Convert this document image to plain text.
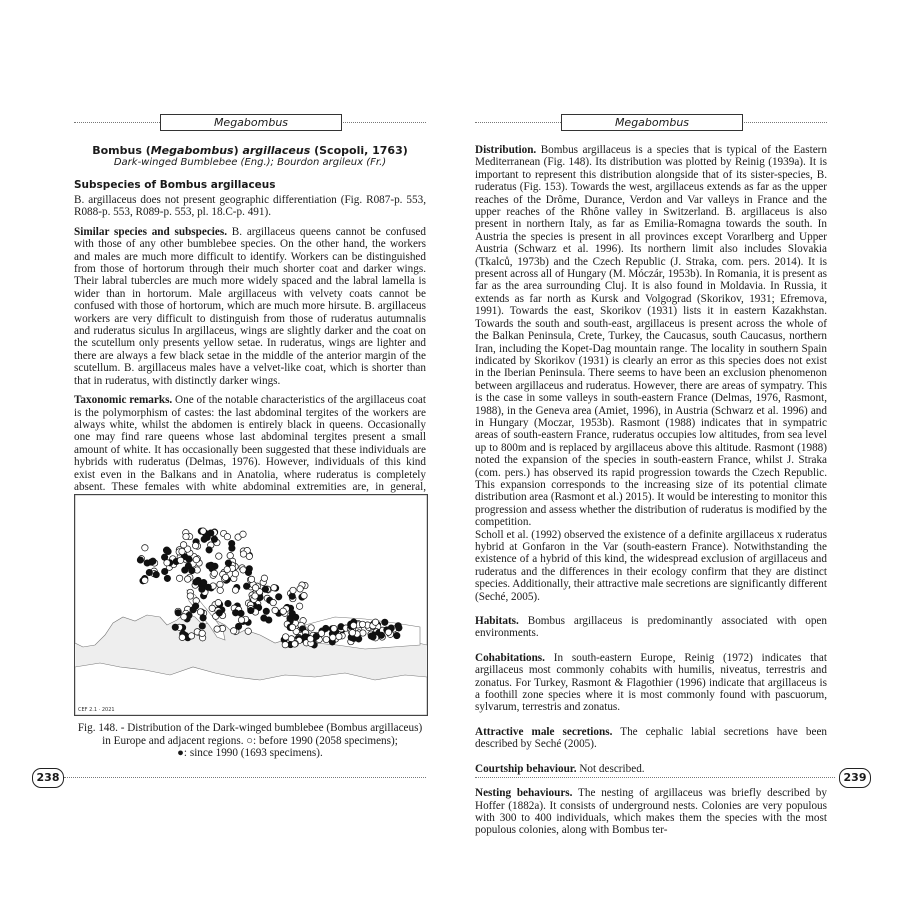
Megabombus

Bombus (Megabombus) argillaceus (Scopoli, 1763)

Dark-winged Bumblebee (Eng.); Bourdon argileux (Fr.)

Subspecies of Bombus argillaceus

B. argillaceus does not present geographic differentiation (Fig. R087-p. 553, R088-p. 553, R089-p. 553, pl. 18.C-p. 491).

Similar species and subspecies. B. argillaceus queens cannot be confused with those of any other bumblebee species. On the other hand, the workers and males are much more difficult to identify. Workers can be distinguished from those of hortorum through their much shorter coat and darker wings. Their labral tubercles are much more widely spaced and the labral lamella is wider than in hortorum. Male argillaceus with velvety coats cannot be confused with those of hortorum, which are much more hirsute. B. argillaceus workers are very difficult to distinguish from those of ruderatus autumnalis and ruderatus siculus In argillaceus, wings are slightly darker and the coat on the scutellum only presents yellow setae. In ruderatus, wings are lighter and there are always a few black setae in the middle of the anterior margin of the scutellum. B. argillaceus males have a velvet-like coat, which is shorter than that in ruderatus, with distinctly darker wings.

Taxonomic remarks. One of the notable characteristics of the argillaceus coat is the polymorphism of castes: the last abdominal tergites of the workers are always white, whilst the abdomen is entirely black in queens. Occasionally one may find rare queens whose last abdominal tergites present a small amount of white. It has occasionally been suggested that these individuals are hybrids with ruderatus (Delmas, 1976). However, individuals of this kind exist even in the Balkans and in Anatolia, where ruderatus is completely absent. These females with white abdominal extremities are, in general,

CEF 2.1 · 2021
Fig. 148. - Distribution of the Dark-winged bumblebee (Bombus argillaceus)
in Europe and adjacent regions. ○: before 1990 (2058 specimens);
●: since 1990 (1693 specimens).
238
Megabombus

Distribution. Bombus argillaceus is a species that is typical of the Eastern Mediterranean (Fig. 148). Its distribution was plotted by Reinig (1939a). It is important to represent this distribution alongside that of its sister-species, B. ruderatus (Fig. 153). Towards the west, argillaceus extends as far as the upper reaches of the Drôme, Durance, Verdon and Var valleys in France and the upper reaches of the Rhône valley in Switzerland. B. argillaceus is also present in northern Italy, as far as Emilia-Romagna towards the south. In Austria the species is present in all provinces except Vorarlberg and Upper Austria (Schwarz et al. 1996). Its northern limit also includes Slovakia (Tkalců, 1973b) and the Czech Republic (J. Straka, com. pers. 2014). It is present across all of Hungary (M. Móczár, 1953b). In Romania, it is present as far as the area surrounding Cluj. It is also found in Moldavia. In Russia, it extends as far north as Kursk and Volgograd (Skorikov, 1931; Efremova, 1991). Towards the east, Skorikov (1931) lists it in eastern Kazakhstan. Towards the south and south-east, argillaceus is present across the whole of the Balkan Peninsula, Crete, Turkey, the Caucasus, south Caucasus, northern Iran, including the Kopet-Dag mountain range. The locality in southern Spain indicated by Skorikov (1931) is clearly an error as this species does not exist in the Iberian Peninsula. There seems to have been an exclusion phenomenon between argillaceus and ruderatus. However, there are areas of sympatry. This is the case in some valleys in south-eastern France (Delmas, 1976, Rasmont, 1988), in the Geneva area (Amiet, 1996), in Austria (Schwarz et al. 1996) and in Hungary (Moczar, 1953b). Rasmont (1988) indicates that in sympatric areas of south-eastern France, ruderatus occupies low altitudes, from sea level up to 800m and is replaced by argillaceus above this altitude. Rasmont (1988) noted the expansion of the species in south-eastern France, whilst J. Straka (com. pers.) has observed its rapid progression towards the Czech Republic. This expansion corresponds to the increasing size of its potential climate distribution area (Rasmont et al.) 2015). It would be interesting to monitor this progression and assess whether the distribution of ruderatus is modified by the competition.

Scholl et al. (1992) observed the existence of a definite argillaceus x ruderatus hybrid at Gonfaron in the Var (south-eastern France). Notwithstanding the existence of a hybrid of this kind, the widespread exclusion of argillaceus and ruderatus and the differences in their ecology confirm that they are distinct species. Additionally, their attractive male secretions are significantly different (Seché, 2005).

Habitats. Bombus argillaceus is predominantly associated with open environments.

Cohabitations. In south-eastern Europe, Reinig (1972) indicates that argillaceus most commonly cohabits with humilis, niveatus, terrestris and zonatus. For Turkey, Rasmont & Flagothier (1996) indicate that argillaceus is a foothill zone species where it is most commonly found with pascuorum, sylvarum, terrestris and zonatus.

Attractive male secretions. The cephalic labial secretions have been described by Seché (2005).

Courtship behaviour. Not described.

Nesting behaviours. The nesting of argillaceus was briefly described by Hoffer (1882a). It consists of underground nests. Colonies are very populous with 300 to 400 individuals, which makes them the species with the most populous colonies, along with Bombus ter-

239
